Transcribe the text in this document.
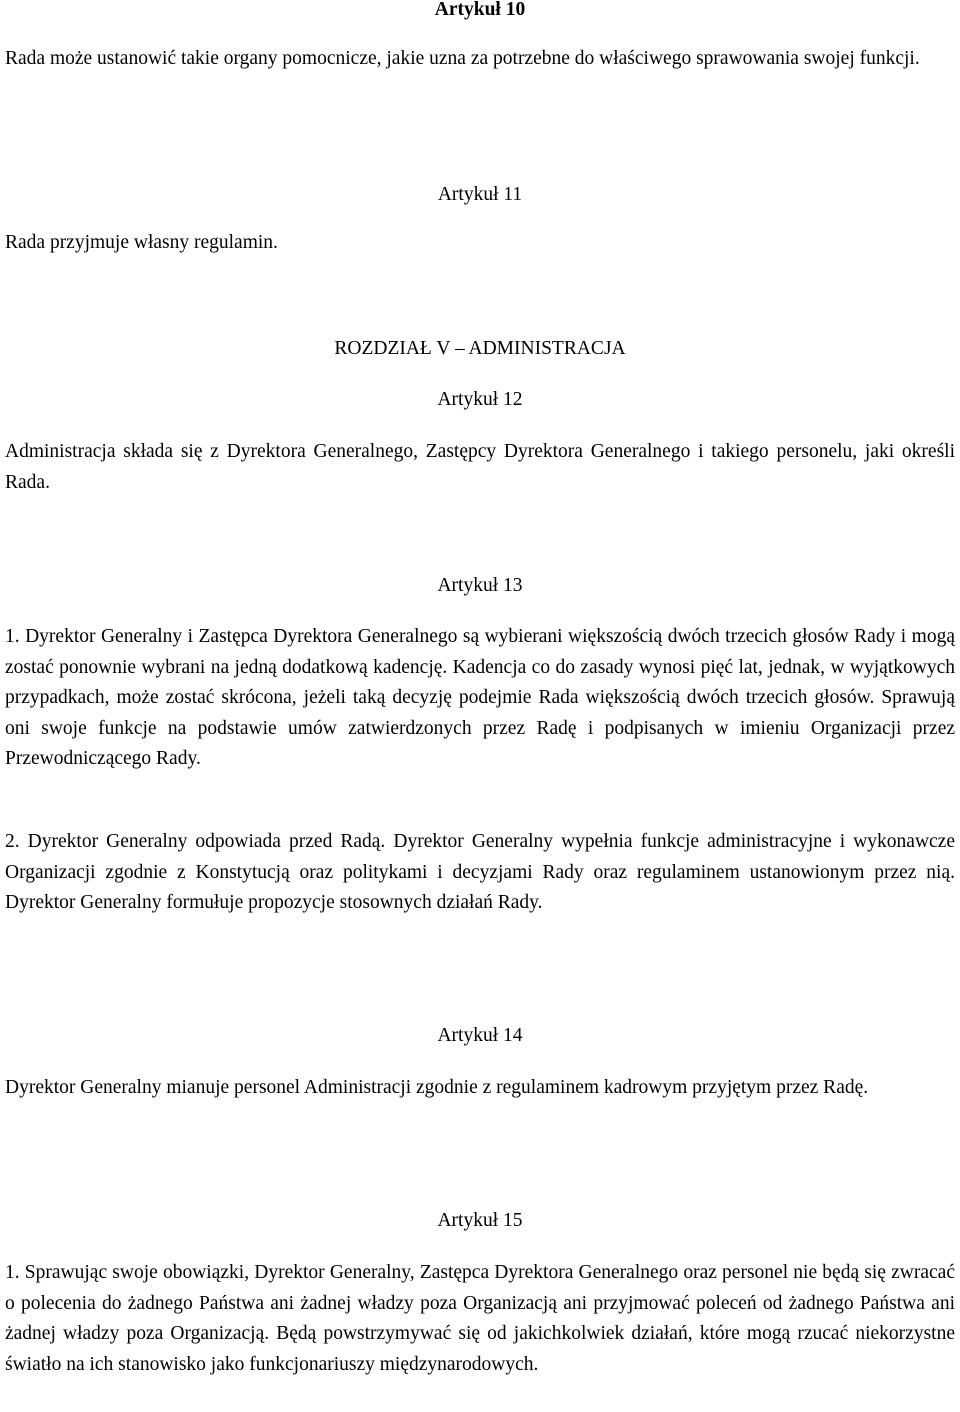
Artykuł 10

Rada może ustanowić takie organy pomocnicze, jakie uzna za potrzebne do właściwego sprawowania swojej funkcji.

Artykuł 11

Rada przyjmuje własny regulamin.

ROZDZIAŁ V – ADMINISTRACJA
Artykuł 12

Administracja składa się z Dyrektora Generalnego, Zastępcy Dyrektora Generalnego i takiego personelu, jaki określi Rada.

Artykuł 13

1. Dyrektor Generalny i Zastępca Dyrektora Generalnego są wybierani większością dwóch trzecich głosów Rady i mogą zostać ponownie wybrani na jedną dodatkową kadencję. Kadencja co do zasady wynosi pięć lat, jednak, w wyjątkowych przypadkach, może zostać skrócona, jeżeli taką decyzję podejmie Rada większością dwóch trzecich głosów. Sprawują oni swoje funkcje na podstawie umów zatwierdzonych przez Radę i podpisanych w imieniu Organizacji przez Przewodniczącego Rady.

2. Dyrektor Generalny odpowiada przed Radą. Dyrektor Generalny wypełnia funkcje administracyjne i wykonawcze Organizacji zgodnie z Konstytucją oraz politykami i decyzjami Rady oraz regulaminem ustanowionym przez nią. Dyrektor Generalny formułuje propozycje stosownych działań Rady.

Artykuł 14

Dyrektor Generalny mianuje personel Administracji zgodnie z regulaminem kadrowym przyjętym przez Radę.

Artykuł 15

1. Sprawując swoje obowiązki, Dyrektor Generalny, Zastępca Dyrektora Generalnego oraz personel nie będą się zwracać o polecenia do żadnego Państwa ani żadnej władzy poza Organizacją ani przyjmować poleceń od żadnego Państwa ani żadnej władzy poza Organizacją. Będą powstrzymywać się od jakichkolwiek działań, które mogą rzucać niekorzystne światło na ich stanowisko jako funkcjonariuszy międzynarodowych.
